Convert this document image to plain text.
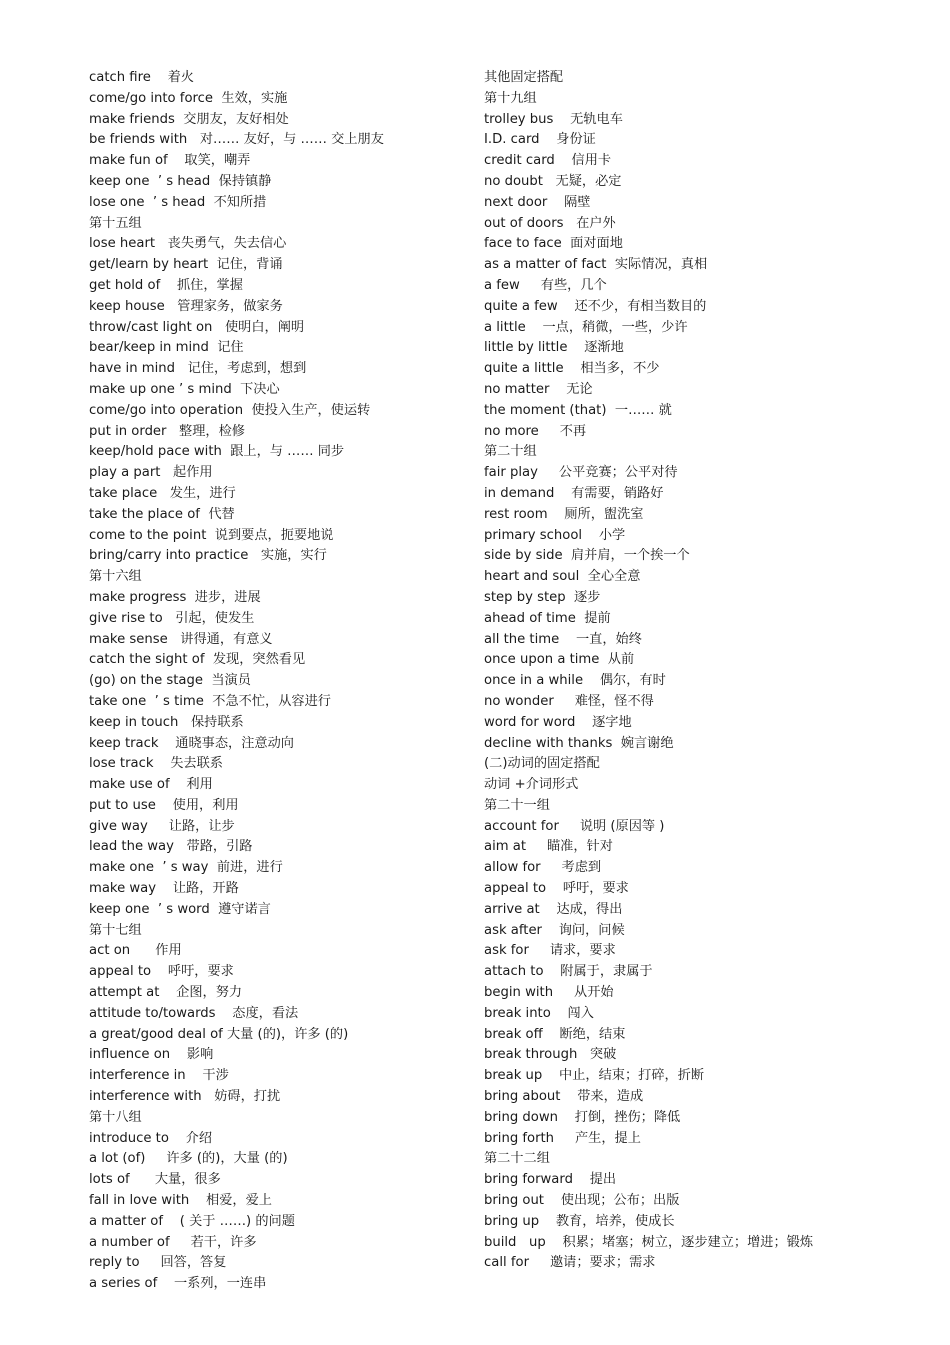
catch fire    着火
come/go into force  生效，实施
make friends  交朋友，友好相处
be friends with   对…… 友好，与 …… 交上朋友
make fun of    取笑，嘲弄
keep one  ’ s head  保持镇静
lose one  ’ s head  不知所措
第十五组
lose heart   丧失勇气，失去信心
get/learn by heart  记住，背诵
get hold of    抓住，掌握
keep house   管理家务，做家务
throw/cast light on   使明白，阐明
bear/keep in mind  记住
have in mind   记住，考虑到，想到
make up one ’ s mind  下决心
come/go into operation  使投入生产，使运转
put in order   整理，检修
keep/hold pace with  跟上，与 …… 同步
play a part   起作用
take place   发生，进行
take the place of  代替
come to the point  说到要点，扼要地说
bring/carry into practice   实施，实行
第十六组
make progress  进步，进展
give rise to   引起，使发生
make sense   讲得通，有意义
catch the sight of  发现，突然看见
(go) on the stage  当演员
take one  ’ s time  不急不忙，从容进行
keep in touch   保持联系
keep track    通晓事态，注意动向
lose track    失去联系
make use of    利用
put to use    使用，利用
give way     让路，让步
lead the way   带路，引路
make one  ’ s way  前进，进行
make way    让路，开路
keep one  ’ s word  遵守诺言
第十七组
act on      作用
appeal to    呼吁，要求
attempt at    企图，努力
attitude to/towards    态度，看法
a great/good deal of 大量 (的)，许多 (的)
influence on    影响
interference in    干涉
interference with   妨碍，打扰
第十八组
introduce to    介绍
a lot (of)     许多 (的)，大量 (的)
lots of      大量，很多
fall in love with    相爱，爱上
a matter of    ( 关于 ……) 的问题
a number of     若干，许多
reply to     回答，答复
a series of    一系列，一连串
其他固定搭配
第十九组
trolley bus    无轨电车
I.D. card    身份证
credit card    信用卡
no doubt   无疑，必定
next door    隔壁
out of doors   在户外
face to face  面对面地
as a matter of fact  实际情况，真相
a few     有些，几个
quite a few    还不少，有相当数目的
a little    一点，稍微，一些，少许
little by little    逐渐地
quite a little    相当多，不少
no matter    无论
the moment (that)  一…… 就
no more     不再
第二十组
fair play     公平竞赛；公平对待
in demand    有需要，销路好
rest room    厕所，盥洗室
primary school    小学
side by side  肩并肩，一个挨一个
heart and soul  全心全意
step by step  逐步
ahead of time  提前
all the time    一直，始终
once upon a time  从前
once in a while    偶尔，有时
no wonder     难怪，怪不得
word for word    逐字地
decline with thanks  婉言谢绝
(二)动词的固定搭配
动词 +介词形式
第二十一组
account for     说明 (原因等 )
aim at     瞄准，针对
allow for     考虑到
appeal to    呼吁，要求
arrive at    达成，得出
ask after    询问，问候
ask for     请求，要求
attach to    附属于，隶属于
begin with     从开始
break into    闯入
break off    断绝，结束
break through   突破
break up    中止，结束；打碎，折断
bring about    带来，造成
bring down    打倒，挫伤；降低
bring forth     产生，提上
第二十二组
bring forward    提出
bring out    使出现；公布；出版
bring up    教育，培养，使成长
build   up    积累；堵塞；树立，逐步建立；增进；锻炼
call for     邀请；要求；需求
